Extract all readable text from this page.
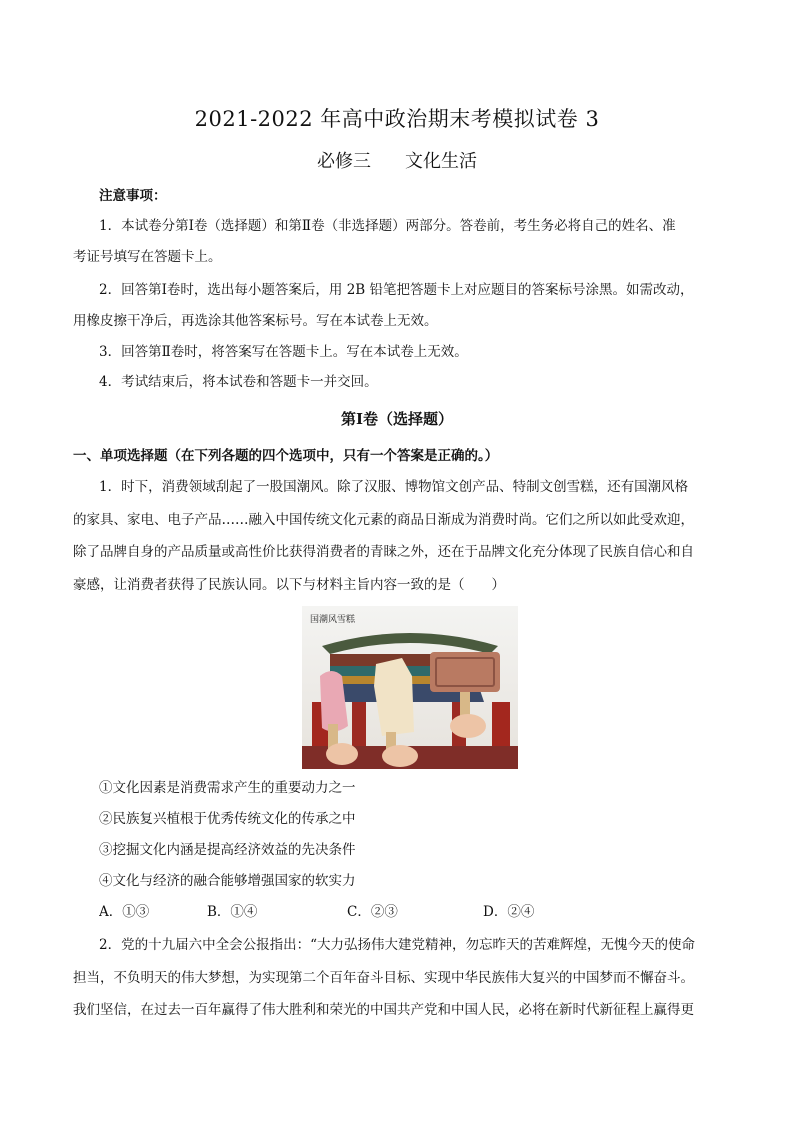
2021-2022 年高中政治期末考模拟试卷 3
必修三 文化生活
注意事项：
1．本试卷分第Ⅰ卷（选择题）和第Ⅱ卷（非选择题）两部分。答卷前，考生务必将自己的姓名、准
考证号填写在答题卡上。
2．回答第Ⅰ卷时，选出每小题答案后，用 2B 铅笔把答题卡上对应题目的答案标号涂黑。如需改动，
用橡皮擦干净后，再选涂其他答案标号。写在本试卷上无效。
3．回答第Ⅱ卷时，将答案写在答题卡上。写在本试卷上无效。
4．考试结束后，将本试卷和答题卡一并交回。
第Ⅰ卷（选择题）
一、单项选择题（在下列各题的四个选项中，只有一个答案是正确的。）
1．时下，消费领域刮起了一股国潮风。除了汉服、博物馆文创产品、特制文创雪糕，还有国潮风格
的家具、家电、电子产品……融入中国传统文化元素的商品日渐成为消费时尚。它们之所以如此受欢迎，
除了品牌自身的产品质量或高性价比获得消费者的青睐之外，还在于品牌文化充分体现了民族自信心和自
豪感，让消费者获得了民族认同。以下与材料主旨内容一致的是（　　）
国潮风雪糕
①文化因素是消费需求产生的重要动力之一
②民族复兴植根于优秀传统文化的传承之中
③挖掘文化内涵是提高经济效益的先决条件
④文化与经济的融合能够增强国家的软实力
A．①③	B．①④	C．②③	D．②④
2．党的十九届六中全会公报指出：“大力弘扬伟大建党精神，勿忘昨天的苦难辉煌，无愧今天的使命
担当，不负明天的伟大梦想，为实现第二个百年奋斗目标、实现中华民族伟大复兴的中国梦而不懈奋斗。
我们坚信，在过去一百年赢得了伟大胜利和荣光的中国共产党和中国人民，必将在新时代新征程上赢得更
